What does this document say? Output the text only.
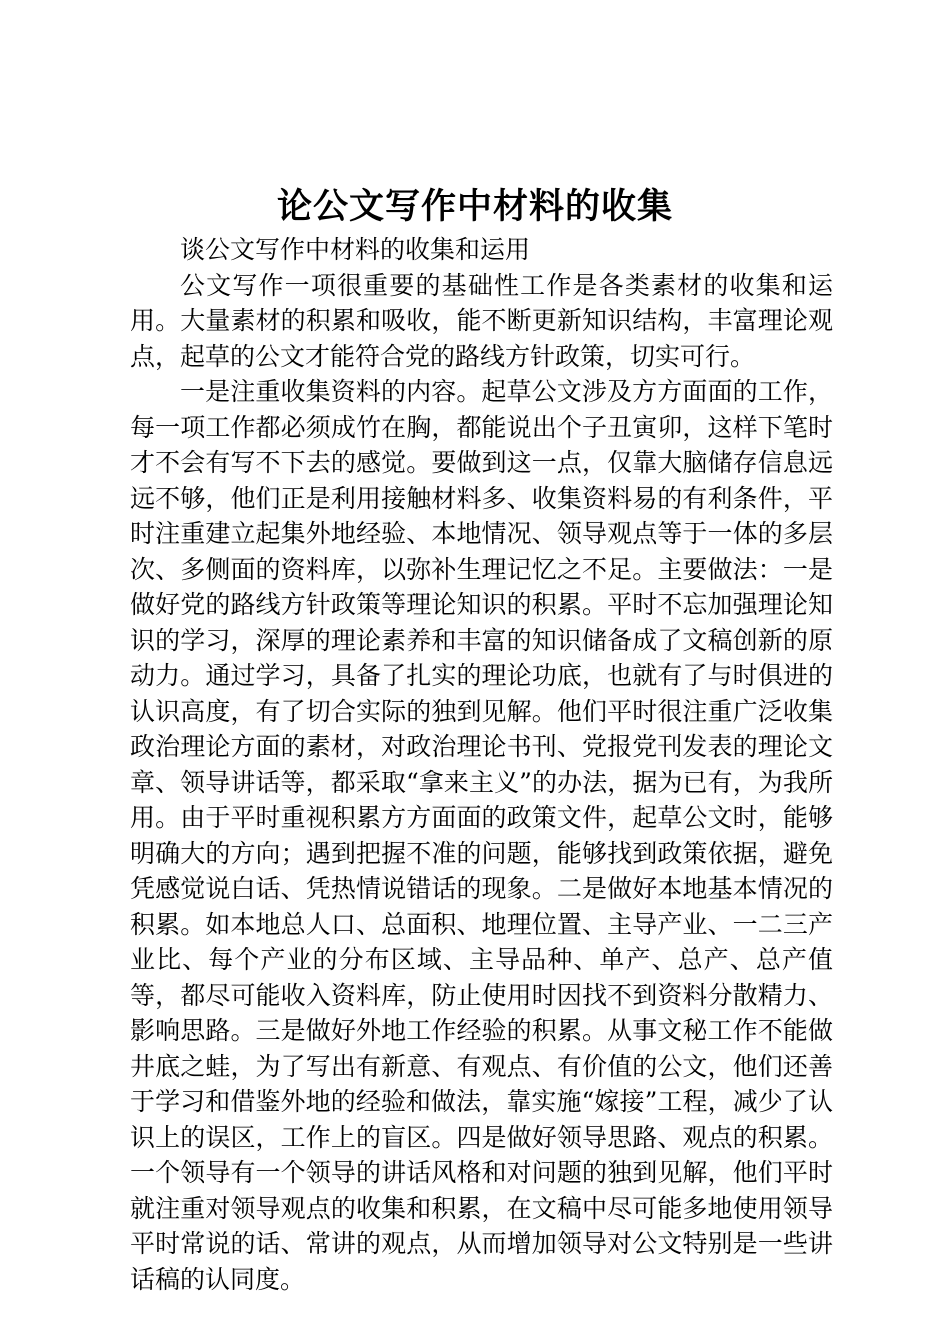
论公文写作中材料的收集

谈公文写作中材料的收集和运用

公文写作一项很重要的基础性工作是各类素材的收集和运用。大量素材的积累和吸收，能不断更新知识结构，丰富理论观点，起草的公文才能符合党的路线方针政策，切实可行。

一是注重收集资料的内容。起草公文涉及方方面面的工作，每一项工作都必须成竹在胸，都能说出个子丑寅卯，这样下笔时才不会有写不下去的感觉。要做到这一点，仅靠大脑储存信息远远不够，他们正是利用接触材料多、收集资料易的有利条件，平时注重建立起集外地经验、本地情况、领导观点等于一体的多层次、多侧面的资料库，以弥补生理记忆之不足。主要做法：一是做好党的路线方针政策等理论知识的积累。平时不忘加强理论知识的学习，深厚的理论素养和丰富的知识储备成了文稿创新的原动力。通过学习，具备了扎实的理论功底，也就有了与时俱进的认识高度，有了切合实际的独到见解。他们平时很注重广泛收集政治理论方面的素材，对政治理论书刊、党报党刊发表的理论文章、领导讲话等，都采取“拿来主义”的办法，据为已有，为我所用。由于平时重视积累方方面面的政策文件，起草公文时，能够明确大的方向；遇到把握不准的问题，能够找到政策依据，避免凭感觉说白话、凭热情说错话的现象。二是做好本地基本情况的积累。如本地总人口、总面积、地理位置、主导产业、一二三产业比、每个产业的分布区域、主导品种、单产、总产、总产值等，都尽可能收入资料库，防止使用时因找不到资料分散精力、影响思路。三是做好外地工作经验的积累。从事文秘工作不能做井底之蛙，为了写出有新意、有观点、有价值的公文，他们还善于学习和借鉴外地的经验和做法，靠实施“嫁接”工程，减少了认识上的误区，工作上的盲区。四是做好领导思路、观点的积累。一个领导有一个领导的讲话风格和对问题的独到见解，他们平时就注重对领导观点的收集和积累，在文稿中尽可能多地使用领导平时常说的话、常讲的观点，从而增加领导对公文特别是一些讲话稿的认同度。
